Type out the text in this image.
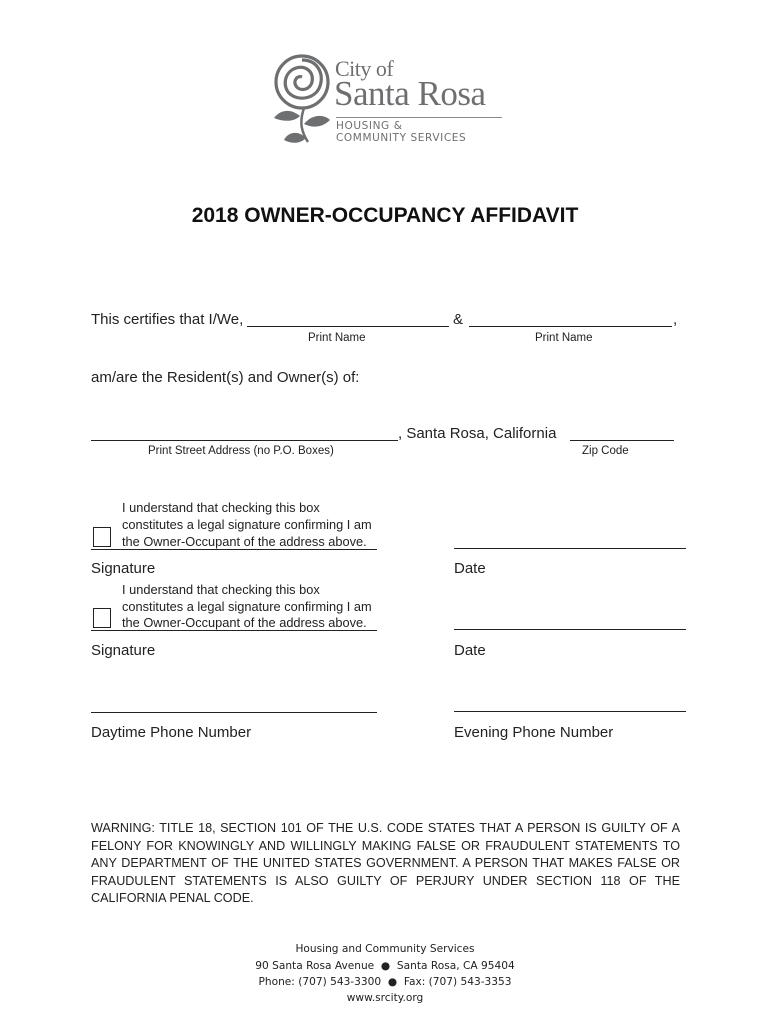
City of
Santa Rosa
HOUSING &
COMMUNITY SERVICES
2018 OWNER-OCCUPANCY AFFIDAVIT
This certifies that I/We,	&	,
Print Name	Print Name
am/are the Resident(s) and Owner(s) of:
, Santa Rosa, California
Print Street Address (no P.O. Boxes)	Zip Code
I understand that checking this box
constitutes a legal signature confirming I am
the Owner-Occupant of the address above.
Signature	Date
I understand that checking this box
constitutes a legal signature confirming I am
the Owner-Occupant of the address above.
Signature	Date
Daytime Phone Number	Evening Phone Number
WARNING: TITLE 18, SECTION 101 OF THE U.S. CODE STATES THAT A PERSON IS GUILTY OF A FELONY FOR KNOWINGLY AND WILLINGLY MAKING FALSE OR FRAUDULENT STATEMENTS TO ANY DEPARTMENT OF THE UNITED STATES GOVERNMENT. A PERSON THAT MAKES FALSE OR FRAUDULENT STATEMENTS IS ALSO GUILTY OF PERJURY UNDER SECTION 118 OF THE CALIFORNIA PENAL CODE.
Housing and Community Services
90 Santa Rosa Avenue  ●  Santa Rosa, CA 95404
Phone: (707) 543-3300  ●  Fax: (707) 543-3353
www.srcity.org
